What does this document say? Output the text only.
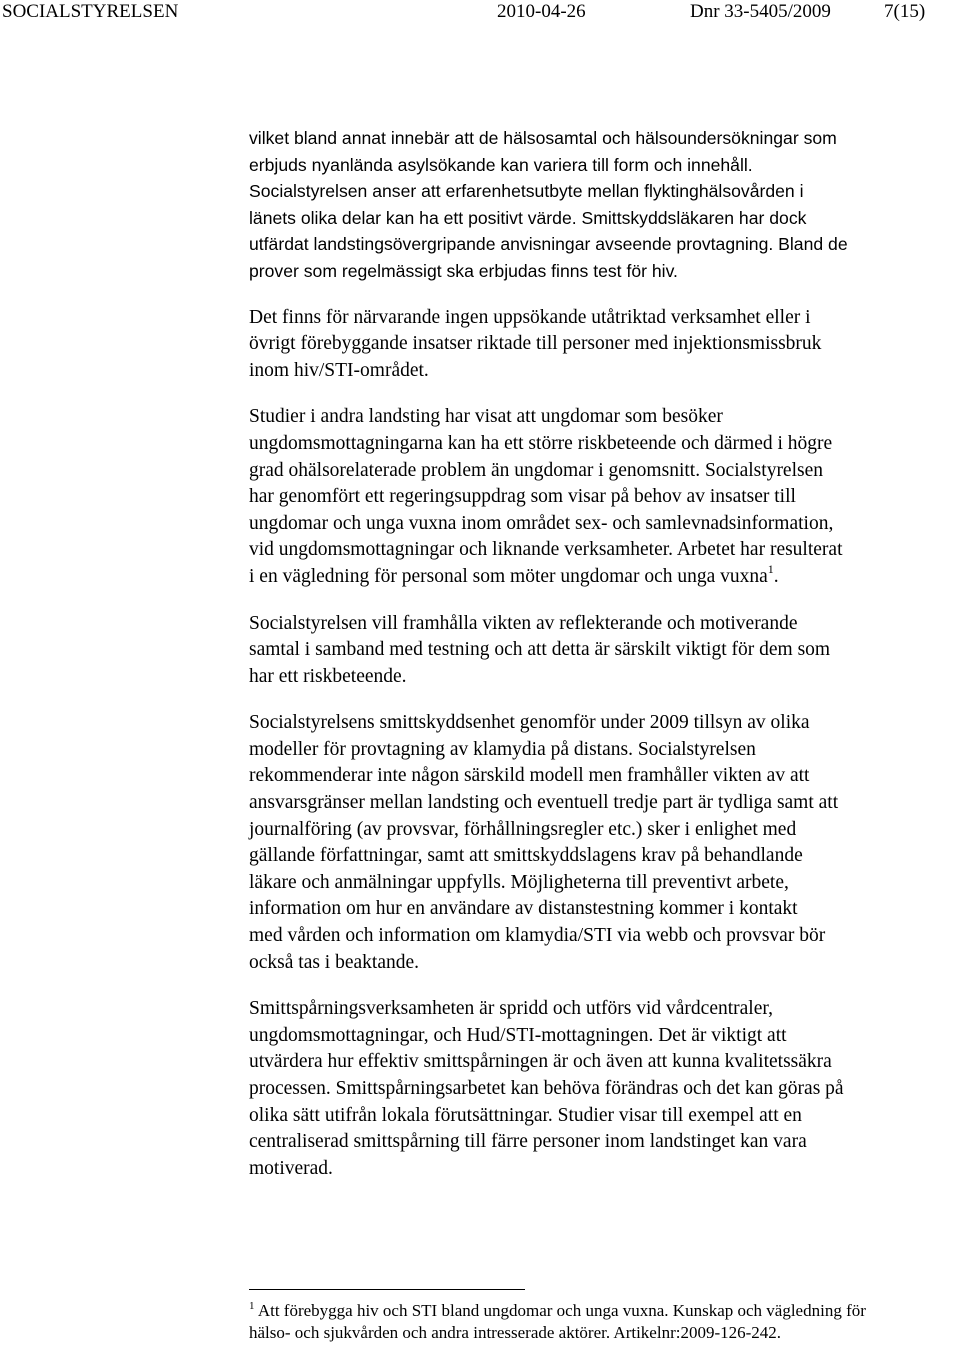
SOCIALSTYRELSEN	2010-04-26	Dnr 33-5405/2009	7(15)

vilket bland annat innebär att de hälsosamtal och hälsoundersökningar som
erbjuds nyanlända asylsökande kan variera till form och innehåll.
Socialstyrelsen anser att erfarenhetsutbyte mellan flyktinghälsovården i
länets olika delar kan ha ett positivt värde. Smittskyddsläkaren har dock
utfärdat landstingsövergripande anvisningar avseende provtagning. Bland de
prover som regelmässigt ska erbjudas finns test för hiv.

Det finns för närvarande ingen uppsökande utåtriktad verksamhet eller i
övrigt förebyggande insatser riktade till personer med injektionsmissbruk
inom hiv/STI-området.

Studier i andra landsting har visat att ungdomar som besöker
ungdomsmottagningarna kan ha ett större riskbeteende och därmed i högre
grad ohälsorelaterade problem än ungdomar i genomsnitt. Socialstyrelsen
har genomfört ett regeringsuppdrag som visar på behov av insatser till
ungdomar och unga vuxna inom området sex- och samlevnadsinformation,
vid ungdomsmottagningar och liknande verksamheter. Arbetet har resulterat
i en vägledning för personal som möter ungdomar och unga vuxna$^1$.

Socialstyrelsen vill framhålla vikten av reflekterande och motiverande
samtal i samband med testning och att detta är särskilt viktigt för dem som
har ett riskbeteende.

Socialstyrelsens smittskyddsenhet genomför under 2009 tillsyn av olika
modeller för provtagning av klamydia på distans. Socialstyrelsen
rekommenderar inte någon särskild modell men framhåller vikten av att
ansvarsgränser mellan landsting och eventuell tredje part är tydliga samt att
journalföring (av provsvar, förhållningsregler etc.) sker i enlighet med
gällande författningar, samt att smittskyddslagens krav på behandlande
läkare och anmälningar uppfylls. Möjligheterna till preventivt arbete,
information om hur en användare av distanstestning kommer i kontakt
med vården och information om klamydia/STI via webb och provsvar bör
också tas i beaktande.

Smittspårningsverksamheten är spridd och utförs vid vårdcentraler,
ungdomsmottagningar, och Hud/STI-mottagningen. Det är viktigt att
utvärdera hur effektiv smittspårningen är och även att kunna kvalitetssäkra
processen. Smittspårningsarbetet kan behöva förändras och det kan göras på
olika sätt utifrån lokala förutsättningar. Studier visar till exempel att en
centraliserad smittspårning till färre personer inom landstinget kan vara
motiverad.

$^1$ Att förebygga hiv och STI bland ungdomar och unga vuxna. Kunskap och vägledning för
hälso- och sjukvården och andra intresserade aktörer. Artikelnr:2009-126-242.
